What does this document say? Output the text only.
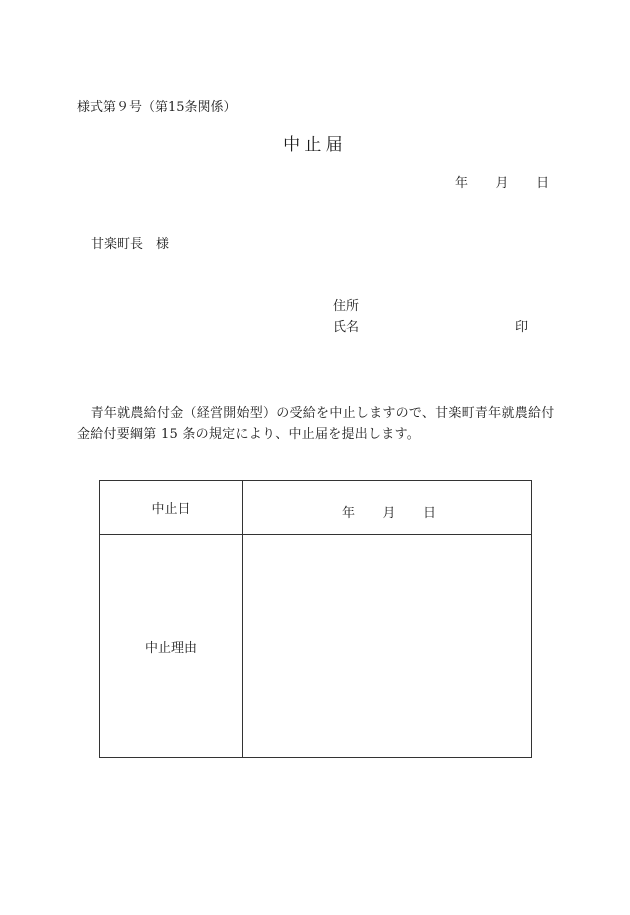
様式第９号（第15条関係）
中止届
年 月 日
甘楽町長　様
住所
氏名	印
青年就農給付金（経営開始型）の受給を中止しますので、甘楽町青年就農給付金給付要綱第 15 条の規定により、中止届を提出します。
中止日	年 月 日
中止理由	
